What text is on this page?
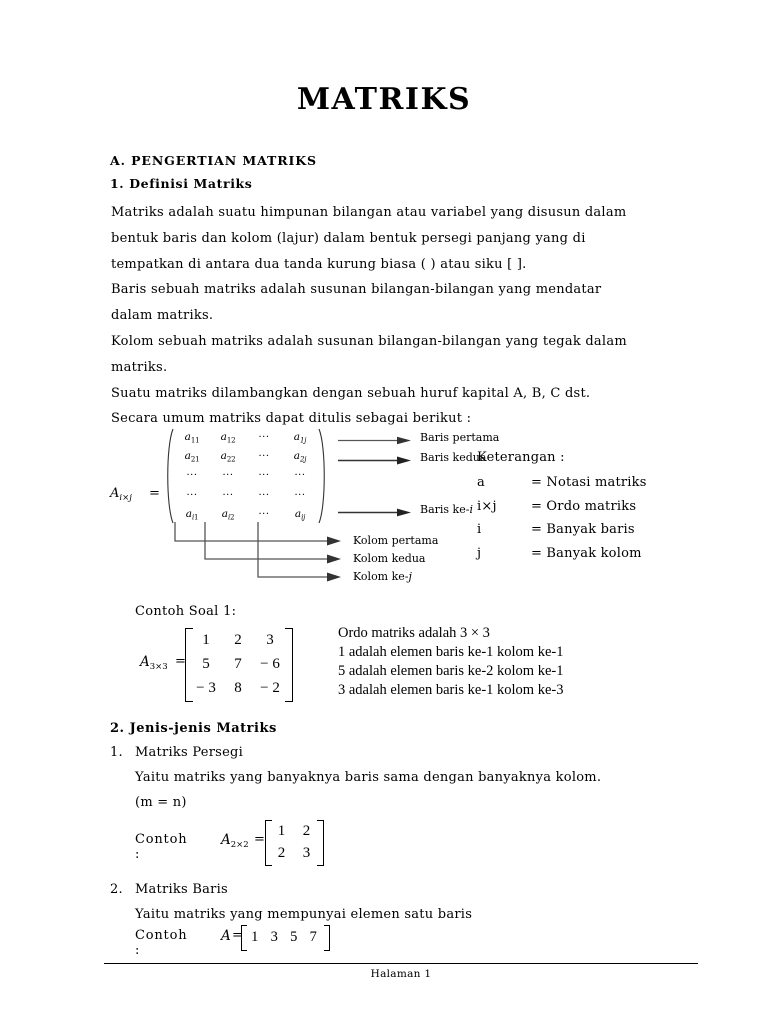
MATRIKS
A. PENGERTIAN MATRIKS
1. Definisi Matriks
Matriks adalah suatu himpunan bilangan atau variabel yang disusun dalam
bentuk baris dan kolom (lajur) dalam bentuk persegi panjang yang di
tempatkan di antara dua tanda kurung biasa ( ) atau siku [ ].
Baris sebuah matriks adalah susunan bilangan-bilangan yang mendatar
dalam matriks.
Kolom sebuah matriks adalah susunan bilangan-bilangan yang tegak dalam
matriks.
Suatu matriks dilambangkan dengan sebuah huruf kapital A, B, C dst.
Secara umum matriks dapat ditulis sebagai berikut :
$A_{i\times j}$ =
$a_{11}$ $a_{12}$ ··· $a_{1j}$
$a_{21}$ $a_{22}$ ··· $a_{2j}$
··· ··· ··· ···
··· ··· ··· ···
$a_{i1}$ $a_{i2}$ ··· $a_{ij}$
Baris pertama
Baris kedua
Baris ke-i
Kolom pertama
Kolom kedua
Kolom ke-j
Keterangan :
a	= Notasi matriks
i×j	= Ordo matriks
i	= Banyak baris
j	= Banyak kolom
Contoh Soal 1:
$A_{3\times 3}$ =
1 2 3
5 7 − 6
− 3 8 − 2
Ordo matriks adalah 3 × 3
1 adalah elemen baris ke-1 kolom ke-1
5 adalah elemen baris ke-2 kolom ke-1
3 adalah elemen baris ke-1 kolom ke-3
2. Jenis-jenis Matriks
1. Matriks Persegi
Yaitu matriks yang banyaknya baris sama dengan banyaknya kolom.
(m = n)
2. Matriks Baris
Yaitu matriks yang mempunyai elemen satu baris
Contoh :
$A_{2\times 2}$ =
1 2
2 3
Contoh :
A = 1 3 5 7
Halaman 1
